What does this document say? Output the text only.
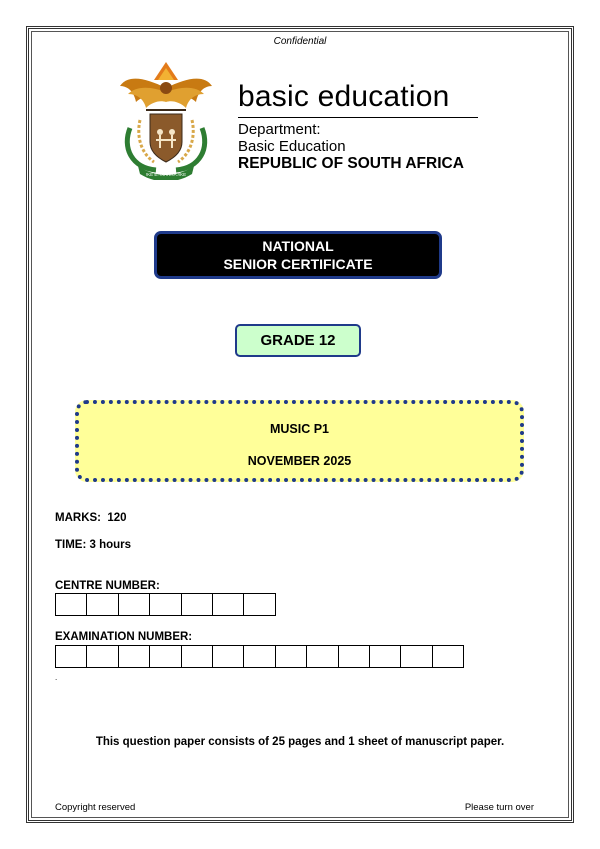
Confidential
!KE E: /XARRA //KE
basic education
Department:
Basic Education
REPUBLIC OF SOUTH AFRICA
NATIONAL
SENIOR CERTIFICATE
GRADE 12
MUSIC P1
NOVEMBER 2025
MARKS: 120
TIME: 3 hours
CENTRE NUMBER:
EXAMINATION NUMBER:
.
This question paper consists of 25 pages and 1 sheet of manuscript paper.
Copyright reserved	Please turn over
